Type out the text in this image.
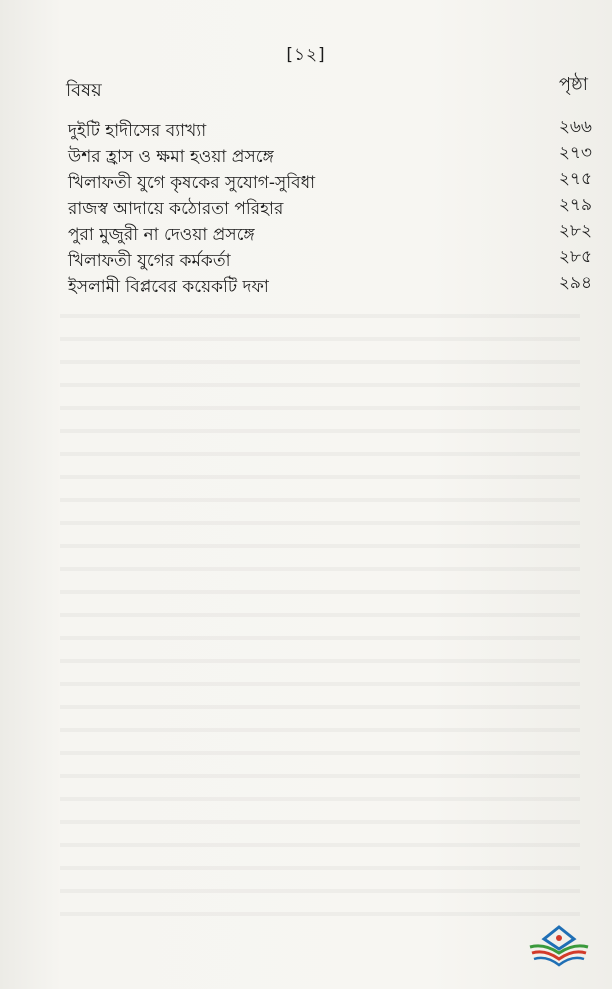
[১২]
বিষয়	পৃষ্ঠা
দুইটি হাদীসের ব্যাখ্যা	২৬৬
উশর হ্রাস ও ক্ষমা হওয়া প্রসঙ্গে	২৭৩
খিলাফতী যুগে কৃষকের সুযোগ-সুবিধা	২৭৫
রাজস্ব আদায়ে কঠোরতা পরিহার	২৭৯
পুরা মুজুরী না দেওয়া প্রসঙ্গে	২৮২
খিলাফতী যুগের কর্মকর্তা	২৮৫
ইসলামী বিপ্লবের কয়েকটি দফা	২৯৪
